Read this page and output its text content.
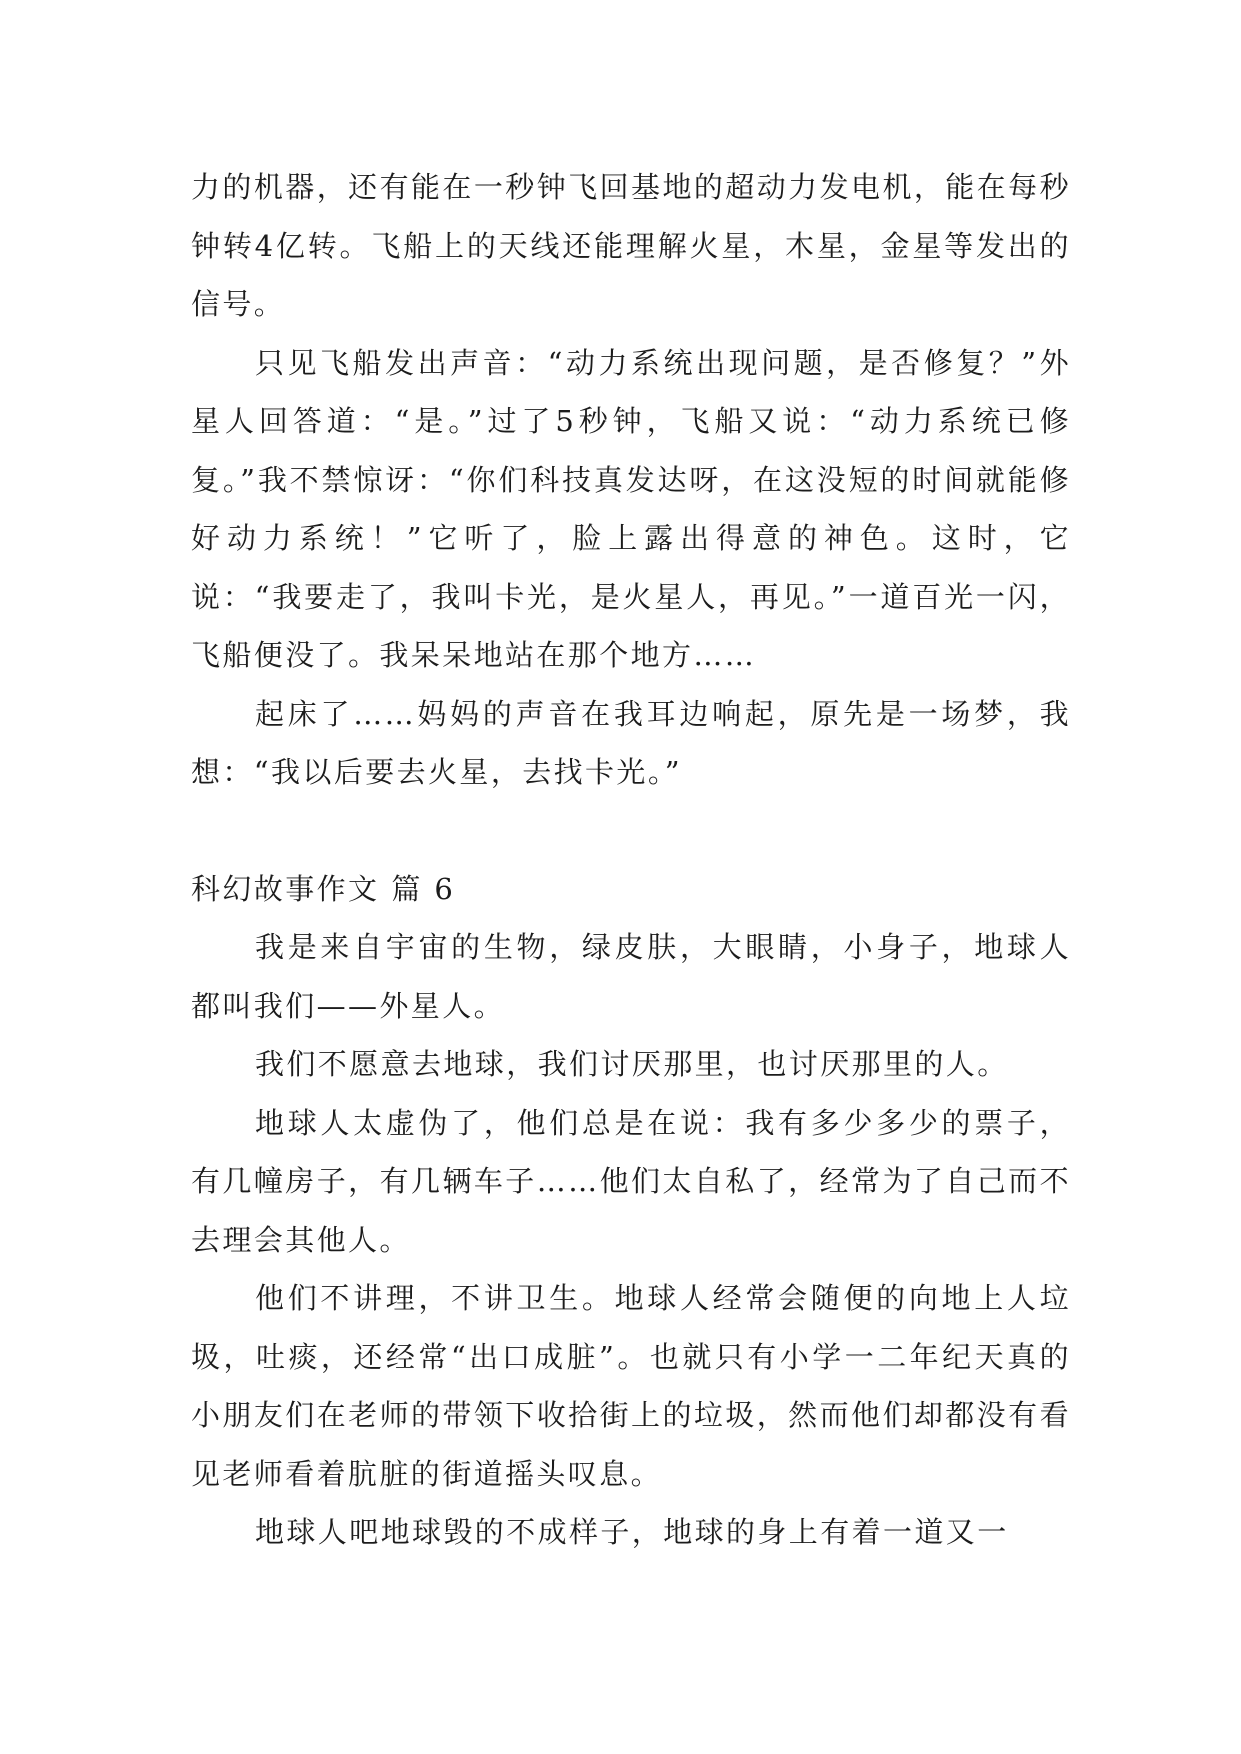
力的机器，还有能在一秒钟飞回基地的超动力发电机，能在每秒钟转4亿转。飞船上的天线还能理解火星，木星，金星等发出的信号。

只见飞船发出声音：“动力系统出现问题，是否修复？”外星人回答道：“是。”过了5秒钟，飞船又说：“动力系统已修复。”我不禁惊讶：“你们科技真发达呀，在这没短的时间就能修好动力系统！”它听了，脸上露出得意的神色。这时，它说：“我要走了，我叫卡光，是火星人，再见。”一道百光一闪，飞船便没了。我呆呆地站在那个地方……

起床了……妈妈的声音在我耳边响起，原先是一场梦，我想：“我以后要去火星，去找卡光。”

科幻故事作文 篇 6

我是来自宇宙的生物，绿皮肤，大眼睛，小身子，地球人都叫我们——外星人。

我们不愿意去地球，我们讨厌那里，也讨厌那里的人。

地球人太虚伪了，他们总是在说：我有多少多少的票子，有几幢房子，有几辆车子……他们太自私了，经常为了自己而不去理会其他人。

他们不讲理，不讲卫生。地球人经常会随便的向地上人垃圾，吐痰，还经常“出口成脏”。也就只有小学一二年纪天真的小朋友们在老师的带领下收拾街上的垃圾，然而他们却都没有看见老师看着肮脏的街道摇头叹息。

地球人吧地球毁的不成样子，地球的身上有着一道又一
